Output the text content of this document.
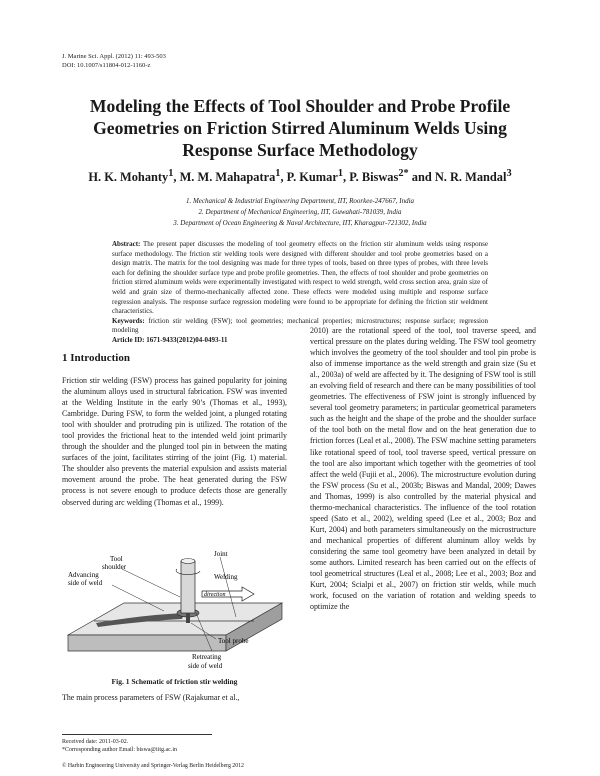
J. Marine Sci. Appl. (2012) 11: 493-503
DOI: 10.1007/s11804-012-1160-z
Modeling the Effects of Tool Shoulder and Probe Profile
Geometries on Friction Stirred Aluminum Welds Using
Response Surface Methodology
H. K. Mohanty$^1$, M. M. Mahapatra$^1$, P. Kumar$^1$, P. Biswas$^{2*}$ and N. R. Mandal$^3$
1. Mechanical & Industrial Engineering Department, IIT, Roorkee-247667, India
2. Department of Mechanical Engineering, IIT, Guwahati-781039, India
3. Department of Ocean Engineering & Naval Architecture, IIT, Kharagpur-721302, India
Abstract: The present paper discusses the modeling of tool geometry effects on the friction stir aluminum welds using response surface methodology. The friction stir welding tools were designed with different shoulder and tool probe geometries based on a design matrix. The matrix for the tool designing was made for three types of tools, based on three types of probes, with three levels each for defining the shoulder surface type and probe profile geometries. Then, the effects of tool shoulder and probe geometries on friction stirred aluminum welds were experimentally investigated with respect to weld strength, weld cross section area, grain size of weld and grain size of thermo-mechanically affected zone. These effects were modeled using multiple and response surface regression analysis. The response surface regression modeling were found to be appropriate for defining the friction stir weldment characteristics.
Keywords: friction stir welding (FSW); tool geometries; mechanical properties; microstructures; response surface; regression modeling
Article ID: 1671-9433(2012)04-0493-11
1 Introduction
Friction stir welding (FSW) process has gained popularity for joining the aluminum alloys used in structural fabrication. FSW was invented at the Welding Institute in the early 90’s (Thomas et al., 1993), Cambridge. During FSW, to form the welded joint, a plunged rotating tool with shoulder and protruding pin is utilized. The rotation of the tool provides the frictional heat to the intended weld joint primarily through the shoulder and the plunged tool pin in between the mating surfaces of the joint, facilitates stirring of the joint (Fig. 1) material. The shoulder also prevents the material expulsion and assists material movement around the probe. The heat generated during the FSW process is not severe enough to produce defects those are generally observed during arc welding (Thomas et al., 1999).
Tool
shoulder
Joint
Advancing
side of weld
Welding
direction
Tool probe
Retreating
side of weld
Fig. 1 Schematic of friction stir welding
The main process parameters of FSW (Rajakumar et al.,
Received date: 2011-03-02.
*Corresponding author Email: biswa@iitg.ac.in
© Harbin Engineering University and Springer-Verlag Berlin Heidelberg 2012
2010) are the rotational speed of the tool, tool traverse speed, and vertical pressure on the plates during welding. The FSW tool geometry which involves the geometry of the tool shoulder and tool pin probe is also of immense importance as the weld strength and grain size (Su et al., 2003a) of weld are affected by it. The designing of FSW tool is still an evolving field of research and there can be many possibilities of tool geometries. The effectiveness of FSW joint is strongly influenced by several tool geometry parameters; in particular geometrical parameters such as the height and the shape of the probe and the shoulder surface of the tool both on the metal flow and on the heat generation due to friction forces (Leal et al., 2008). The FSW machine setting parameters like rotational speed of tool, tool traverse speed, vertical pressure on the tool are also important which together with the geometries of tool affect the weld (Fujii et al., 2006). The microstructure evolution during the FSW process (Su et al., 2003b; Biswas and Mandal, 2009; Dawes and Thomas, 1999) is also controlled by the material physical and thermo-mechanical characteristics. The influence of the tool rotation speed (Sato et al., 2002), welding speed (Lee et al., 2003; Boz and Kurt, 2004) and both parameters simultaneously on the microstructure and mechanical properties of different aluminum alloy welds by considering the same tool geometry have been analyzed in detail by some authors. Limited research has been carried out on the effects of tool geometrical structures (Leal et al., 2008; Lee et al., 2003; Boz and Kurt, 2004; Scialpi et al., 2007) on friction stir welds, while much work, focused on the variation of rotation and welding speeds to optimize the
